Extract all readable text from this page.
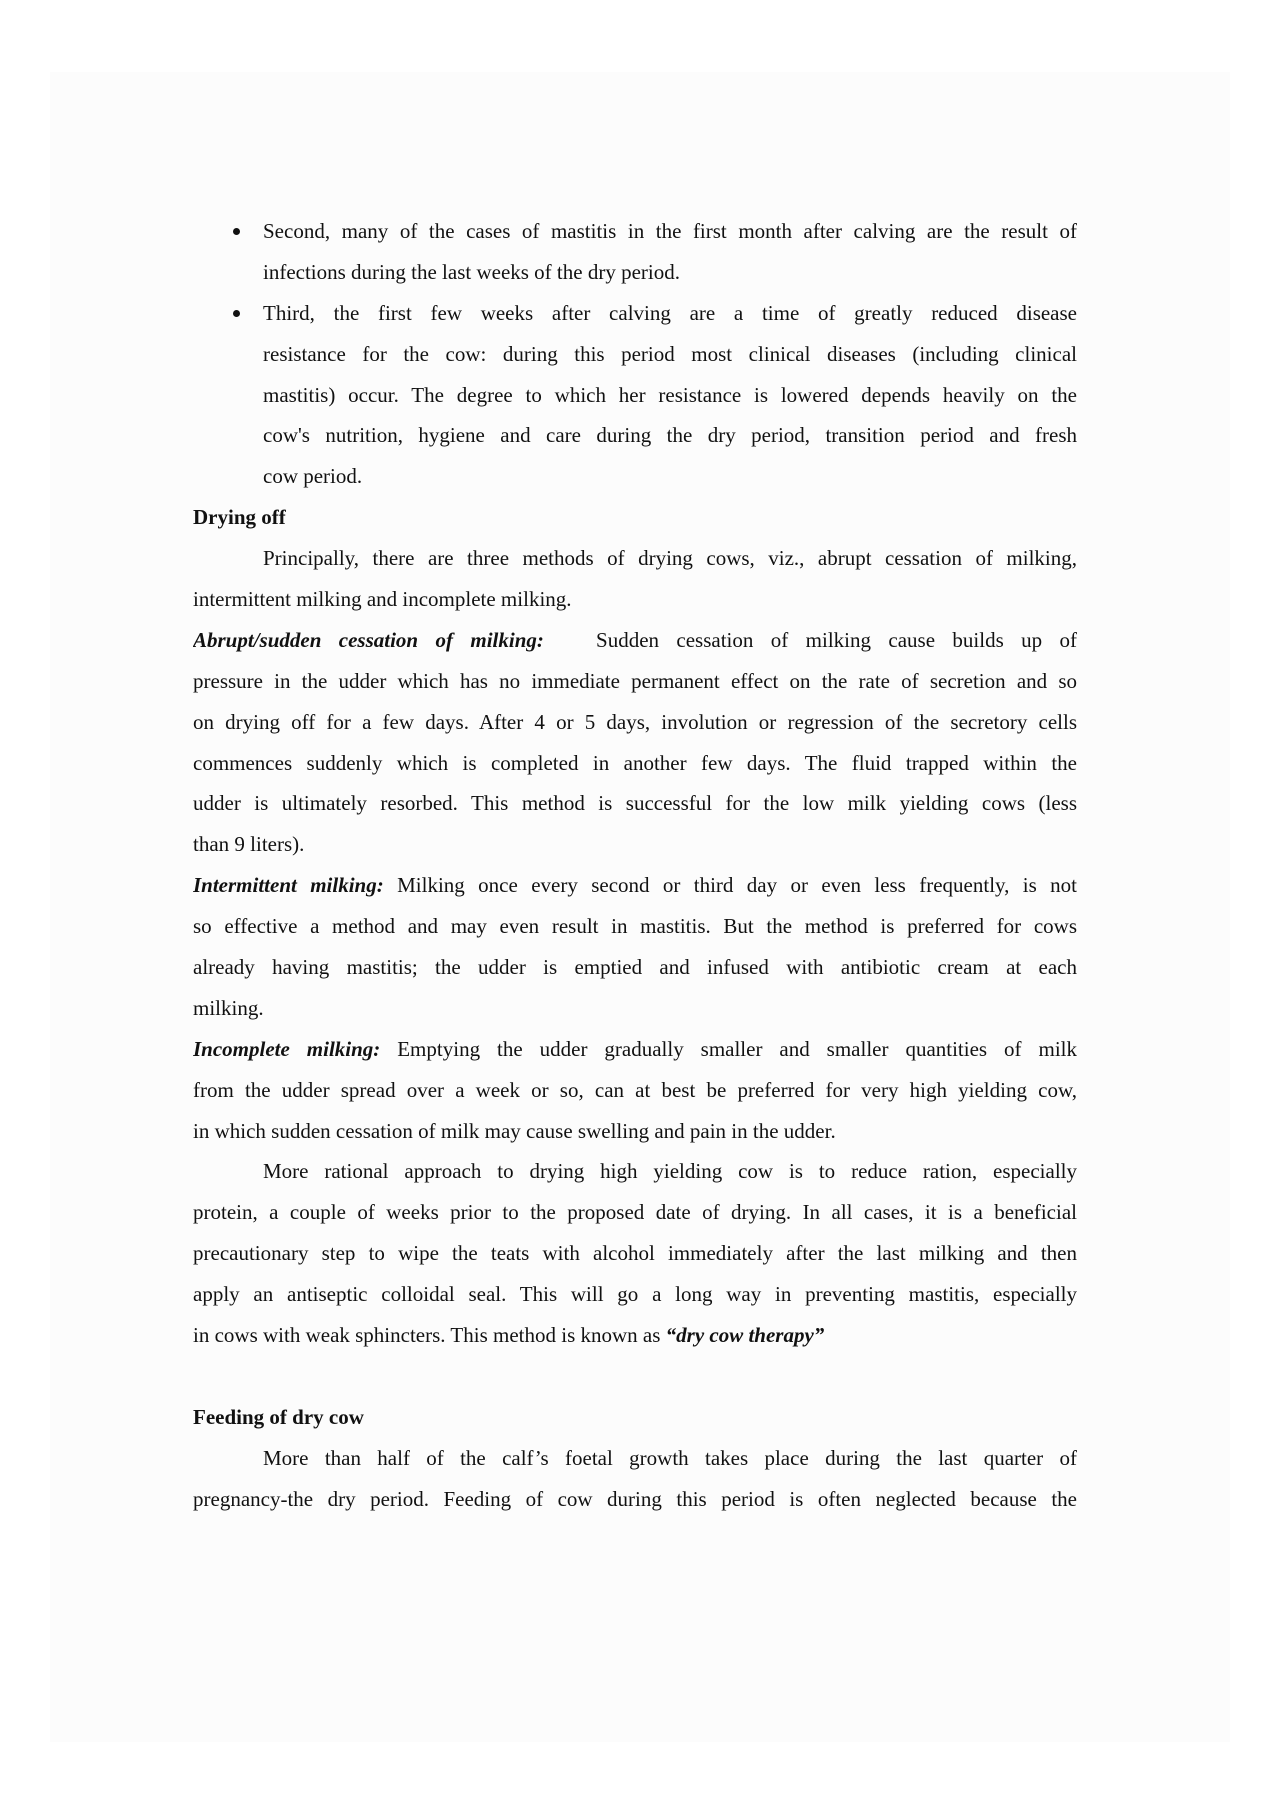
Second, many of the cases of mastitis in the first month after calving are the result of
infections during the last weeks of the dry period.
Third, the first few weeks after calving are a time of greatly reduced disease
resistance for the cow: during this period most clinical diseases (including clinical
mastitis) occur. The degree to which her resistance is lowered depends heavily on the
cow's nutrition, hygiene and care during the dry period, transition period and fresh
cow period.
Drying off
Principally, there are three methods of drying cows, viz., abrupt cessation of milking,
intermittent milking and incomplete milking.
Abrupt/sudden cessation of milking: Sudden cessation of milking cause builds up of
pressure in the udder which has no immediate permanent effect on the rate of secretion and so
on drying off for a few days. After 4 or 5 days, involution or regression of the secretory cells
commences suddenly which is completed in another few days. The fluid trapped within the
udder is ultimately resorbed. This method is successful for the low milk yielding cows (less
than 9 liters).
Intermittent milking: Milking once every second or third day or even less frequently, is not
so effective a method and may even result in mastitis. But the method is preferred for cows
already having mastitis; the udder is emptied and infused with antibiotic cream at each
milking.
Incomplete milking: Emptying the udder gradually smaller and smaller quantities of milk
from the udder spread over a week or so, can at best be preferred for very high yielding cow,
in which sudden cessation of milk may cause swelling and pain in the udder.
More rational approach to drying high yielding cow is to reduce ration, especially
protein, a couple of weeks prior to the proposed date of drying. In all cases, it is a beneficial
precautionary step to wipe the teats with alcohol immediately after the last milking and then
apply an antiseptic colloidal seal. This will go a long way in preventing mastitis, especially
in cows with weak sphincters. This method is known as “dry cow therapy”
Feeding of dry cow
More than half of the calf’s foetal growth takes place during the last quarter of
pregnancy-the dry period. Feeding of cow during this period is often neglected because the
